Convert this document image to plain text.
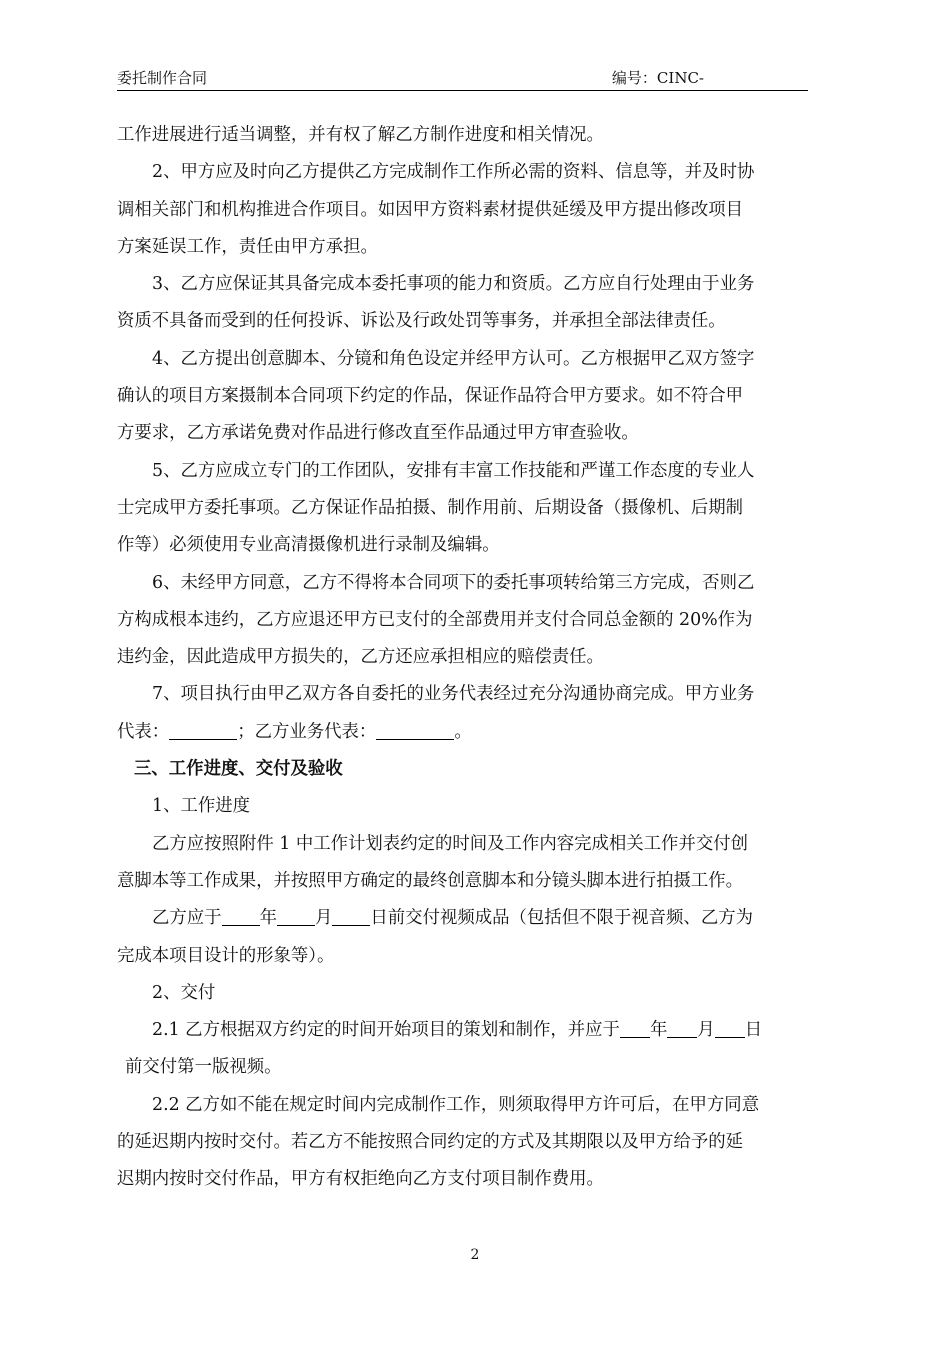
委托制作合同	编号：CINC-

工作进展进行适当调整，并有权了解乙方制作进度和相关情况。

2、甲方应及时向乙方提供乙方完成制作工作所必需的资料、信息等，并及时协
调相关部门和机构推进合作项目。如因甲方资料素材提供延缓及甲方提出修改项目
方案延误工作，责任由甲方承担。

3、乙方应保证其具备完成本委托事项的能力和资质。乙方应自行处理由于业务
资质不具备而受到的任何投诉、诉讼及行政处罚等事务，并承担全部法律责任。

4、乙方提出创意脚本、分镜和角色设定并经甲方认可。乙方根据甲乙双方签字
确认的项目方案摄制本合同项下约定的作品，保证作品符合甲方要求。如不符合甲
方要求，乙方承诺免费对作品进行修改直至作品通过甲方审查验收。

5、乙方应成立专门的工作团队，安排有丰富工作技能和严谨工作态度的专业人
士完成甲方委托事项。乙方保证作品拍摄、制作用前、后期设备（摄像机、后期制
作等）必须使用专业高清摄像机进行录制及编辑。

6、未经甲方同意，乙方不得将本合同项下的委托事项转给第三方完成，否则乙
方构成根本违约，乙方应退还甲方已支付的全部费用并支付合同总金额的 20%作为
违约金，因此造成甲方损失的，乙方还应承担相应的赔偿责任。

7、项目执行由甲乙双方各自委托的业务代表经过充分沟通协商完成。甲方业务
代表：	；乙方业务代表：	。

三、工作进度、交付及验收

1、工作进度

乙方应按照附件 1 中工作计划表约定的时间及工作内容完成相关工作并交付创
意脚本等工作成果，并按照甲方确定的最终创意脚本和分镜头脚本进行拍摄工作。

乙方应于 年 月 日前交付视频成品（包括但不限于视音频、乙方为
完成本项目设计的形象等）。

2、交付

2.1 乙方根据双方约定的时间开始项目的策划和制作，并应于 年 月 日
前交付第一版视频。

2.2 乙方如不能在规定时间内完成制作工作，则须取得甲方许可后，在甲方同意
的延迟期内按时交付。若乙方不能按照合同约定的方式及其期限以及甲方给予的延
迟期内按时交付作品，甲方有权拒绝向乙方支付项目制作费用。

2
